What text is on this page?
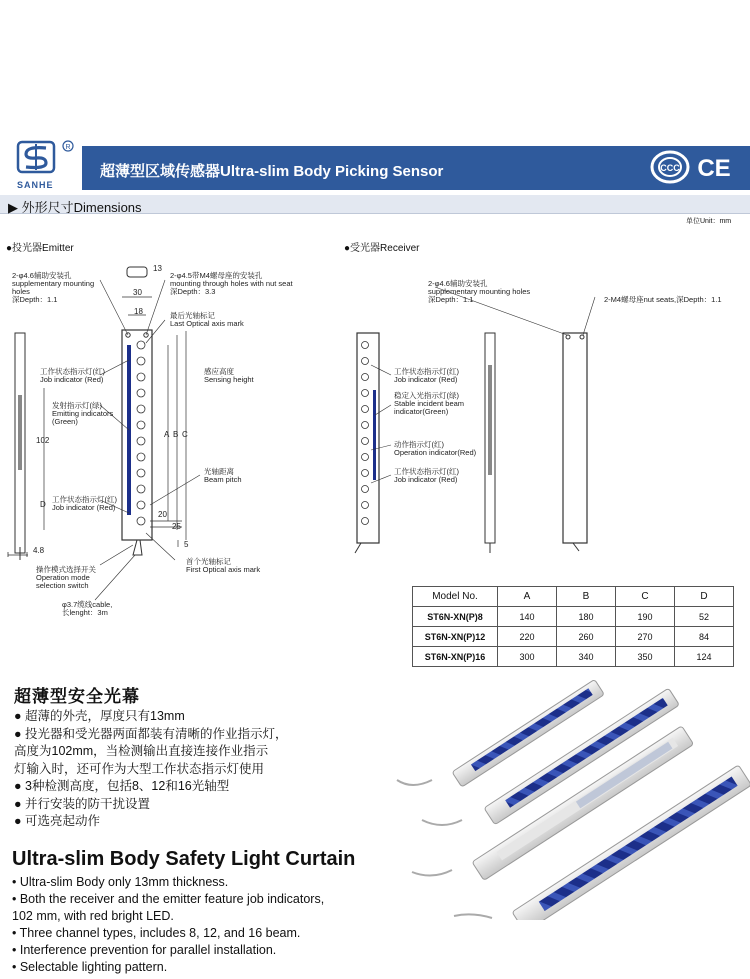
R
SANHE
超薄型区域传感器Ultra-slim Body Picking Sensor	CCC CE
▶ 外形尺寸Dimensions
单位Unit：mm
●投光器Emitter
13
30
18
A B C
102
D
20
25
5
4.8
2-φ4.6辅助安装孔
supplementary mounting
holes
深Depth：1.1
2-φ4.5带M4螺母座的安装孔
mounting through holes with nut seat
深Depth：3.3
最后光轴标记
Last Optical axis mark
工作状态指示灯(红)
Job indicator (Red)
发射指示灯(绿)
Emitting indicators
(Green)
感应高度
Sensing height
光轴距离
Beam pitch
工作状态指示灯(红)
Job indicator (Red)
首个光轴标记
First Optical axis mark
操作模式选择开关
Operation mode
selection switch
φ3.7缆线cable,
长lenght：3m
●受光器Receiver
2-φ4.6辅助安装孔
supplementary mounting holes
深Depth：1.1	2-M4螺母座nut seats,深Depth：1.1
工作状态指示灯(红)
Job indicator (Red)
稳定入光指示灯(绿)
Stable incident beam
indicator(Green)
动作指示灯(红)
Operation indicator(Red)
工作状态指示灯(红)
Job indicator (Red)
Model No.	A	B	C	D
ST6N-XN(P)8	140	180	190	52
ST6N-XN(P)12	220	260	270	84
ST6N-XN(P)16	300	340	350	124
超薄型安全光幕
● 超薄的外壳，厚度只有13mm
● 投光器和受光器两面都装有清晰的作业指示灯，
高度为102mm，当检测输出直接连接作业指示
灯输入时，还可作为大型工作状态指示灯使用
● 3种检测高度，包括8、12和16光轴型
● 并行安装的防干扰设置
● 可选亮起动作
Ultra-slim Body Safety Light Curtain
• Ultra-slim Body only 13mm thickness.
• Both the receiver and the emitter feature job indicators,
102 mm, with red bright LED.
• Three channel types, includes 8, 12, and 16 beam.
• Interference prevention for parallel installation.
• Selectable lighting pattern.
